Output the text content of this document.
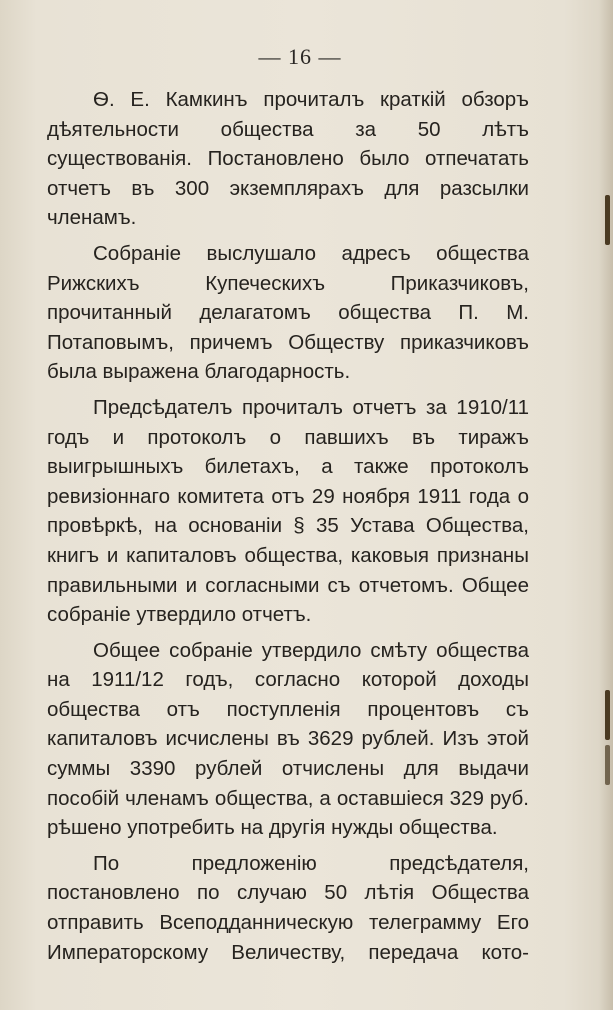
— 16 —

Ѳ. Е. Камкинъ прочиталъ краткій обзоръ дѣятельности общества за 50 лѣтъ существованія. Постановлено было отпечатать отчетъ въ 300 экземплярахъ для разсылки членамъ.

Собраніе выслушало адресъ общества Рижскихъ Купеческихъ Приказчиковъ, прочитанный делагатомъ общества П. М. Потаповымъ, причемъ Обществу приказчиковъ была выражена благодарность.

Предсѣдателъ прочиталъ отчетъ за 1910/11 годъ и протоколъ о павшихъ въ тиражъ выигрышныхъ билетахъ, а также протоколъ ревизіоннаго комитета отъ 29 ноября 1911 года о провѣркѣ, на основаніи § 35 Устава Общества, книгъ и капиталовъ общества, каковыя признаны правильными и согласными съ отчетомъ. Общее собраніе утвердило отчетъ.

Общее собраніе утвердило смѣту общества на 1911/12 годъ, согласно которой доходы общества отъ поступленія процентовъ съ капиталовъ исчислены въ 3629 рублей. Изъ этой суммы 3390 рублей отчислены для выдачи пособій членамъ общества, а оставшіеся 329 руб. рѣшено употребить на другія нужды общества.

По предложенію предсѣдателя, постановлено по случаю 50 лѣтія Общества отправить Всеподданническую телеграмму Его Императорскому Величеству, передача кото-
